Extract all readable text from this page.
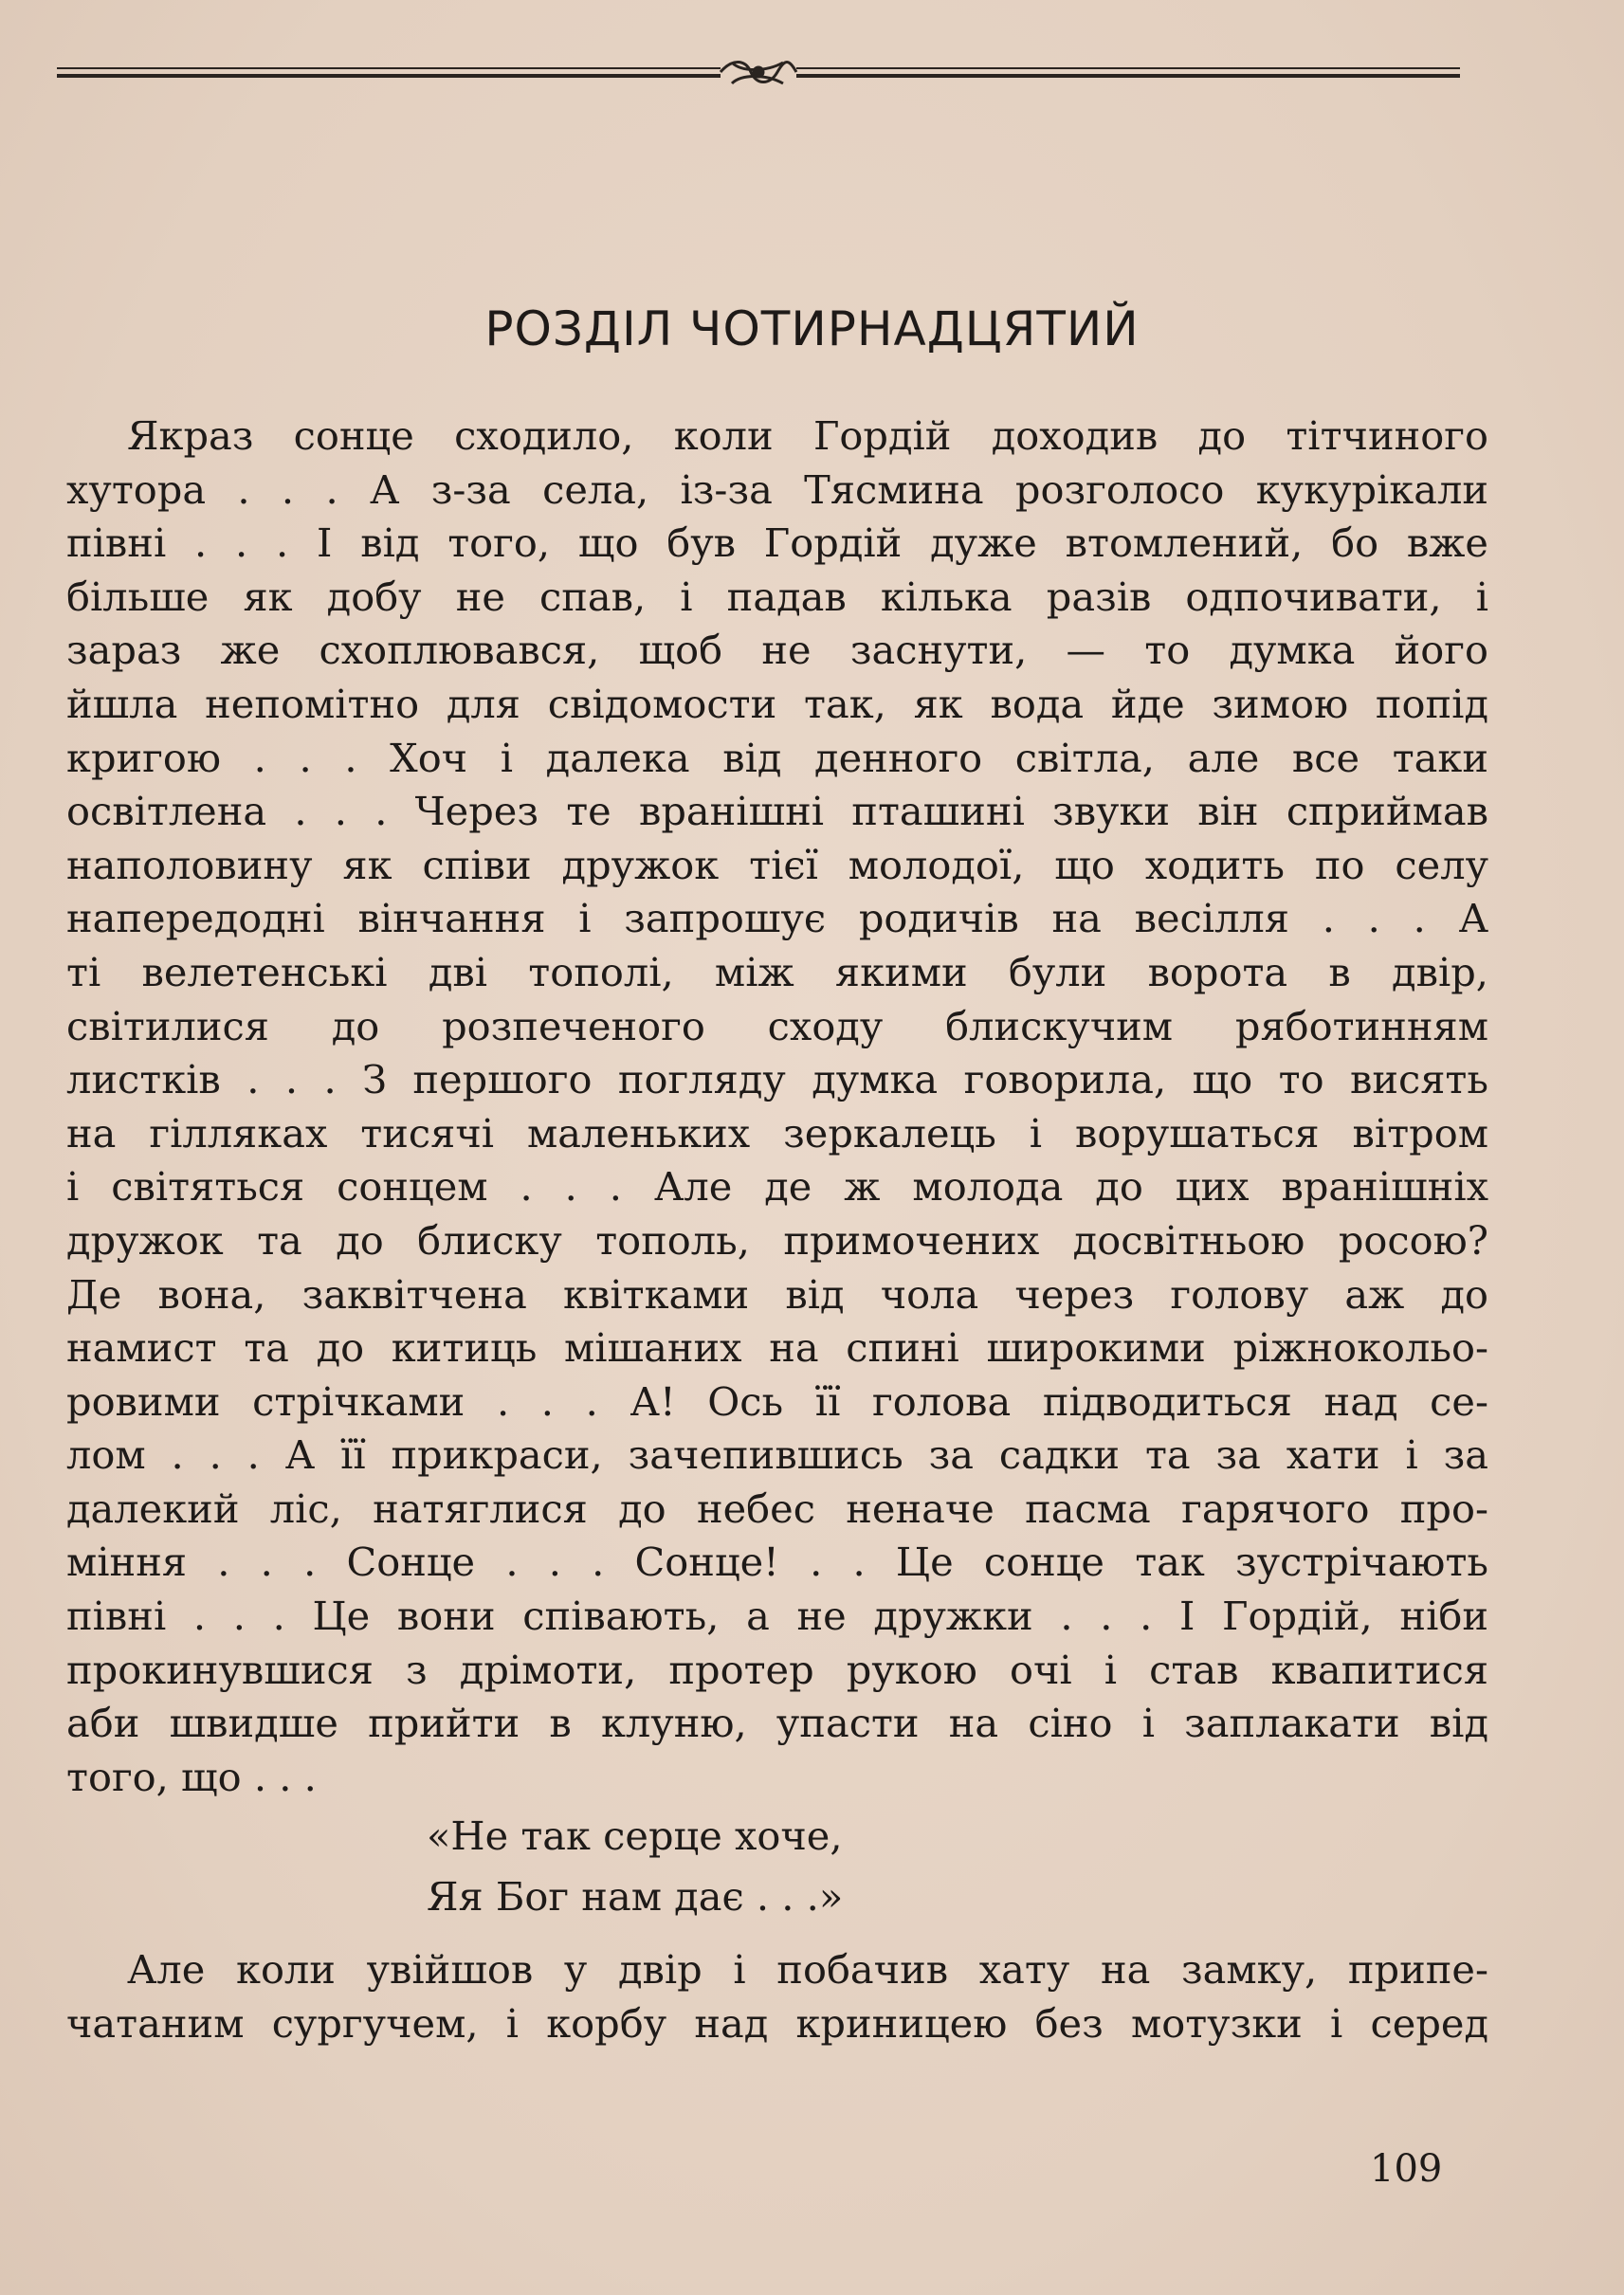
РОЗДІЛ ЧОТИРНАДЦЯТИЙ
Якраз сонце сходило, коли Гордій доходив до тітчиного
хутора . . . А з-за села, із-за Тясмина розголосо кукурікали
півні . . . І від того, що був Гордій дуже втомлений, бо вже
більше як добу не спав, і падав кілька разів одпочивати, і
зараз же схоплювався, щоб не заснути, — то думка його
йшла непомітно для свідомости так, як вода йде зимою попід
кригою . . . Хоч і далека від денного світла, але все таки
освітлена . . . Через те вранішні пташині звуки він сприймав
наполовину як співи дружок тієї молодої, що ходить по селу
напередодні вінчання і запрошує родичів на весілля . . . А
ті велетенські дві тополі, між якими були ворота в двір,
світилися до розпеченого сходу блискучим ряботинням
листків . . . З першого погляду думка говорила, що то висять
на гілляках тисячі маленьких зеркалець і ворушаться вітром
і світяться сонцем . . . Але де ж молода до цих вранішніх
дружок та до блиску тополь, примочених досвітньою росою?
Де вона, заквітчена квітками від чола через голову аж до
намист та до китиць мішаних на спині широкими ріжнокольо-
ровими стрічками . . . А! Ось її голова підводиться над се-
лом . . . А її прикраси, зачепившись за садки та за хати і за
далекий ліс, натяглися до небес неначе пасма гарячого про-
міння . . . Сонце . . . Сонце! . . Це сонце так зустрічають
півні . . . Це вони співають, а не дружки . . . І Гордій, ніби
прокинувшися з дрімоти, протер рукою очі і став квапитися
аби швидше прийти в клуню, упасти на сіно і заплакати від
того, що . . .
«Не так серце хоче,
Яя Бог нам дає . . .»
Але коли увійшов у двір і побачив хату на замку, припе-
чатаним сургучем, і корбу над криницею без мотузки і серед
109
